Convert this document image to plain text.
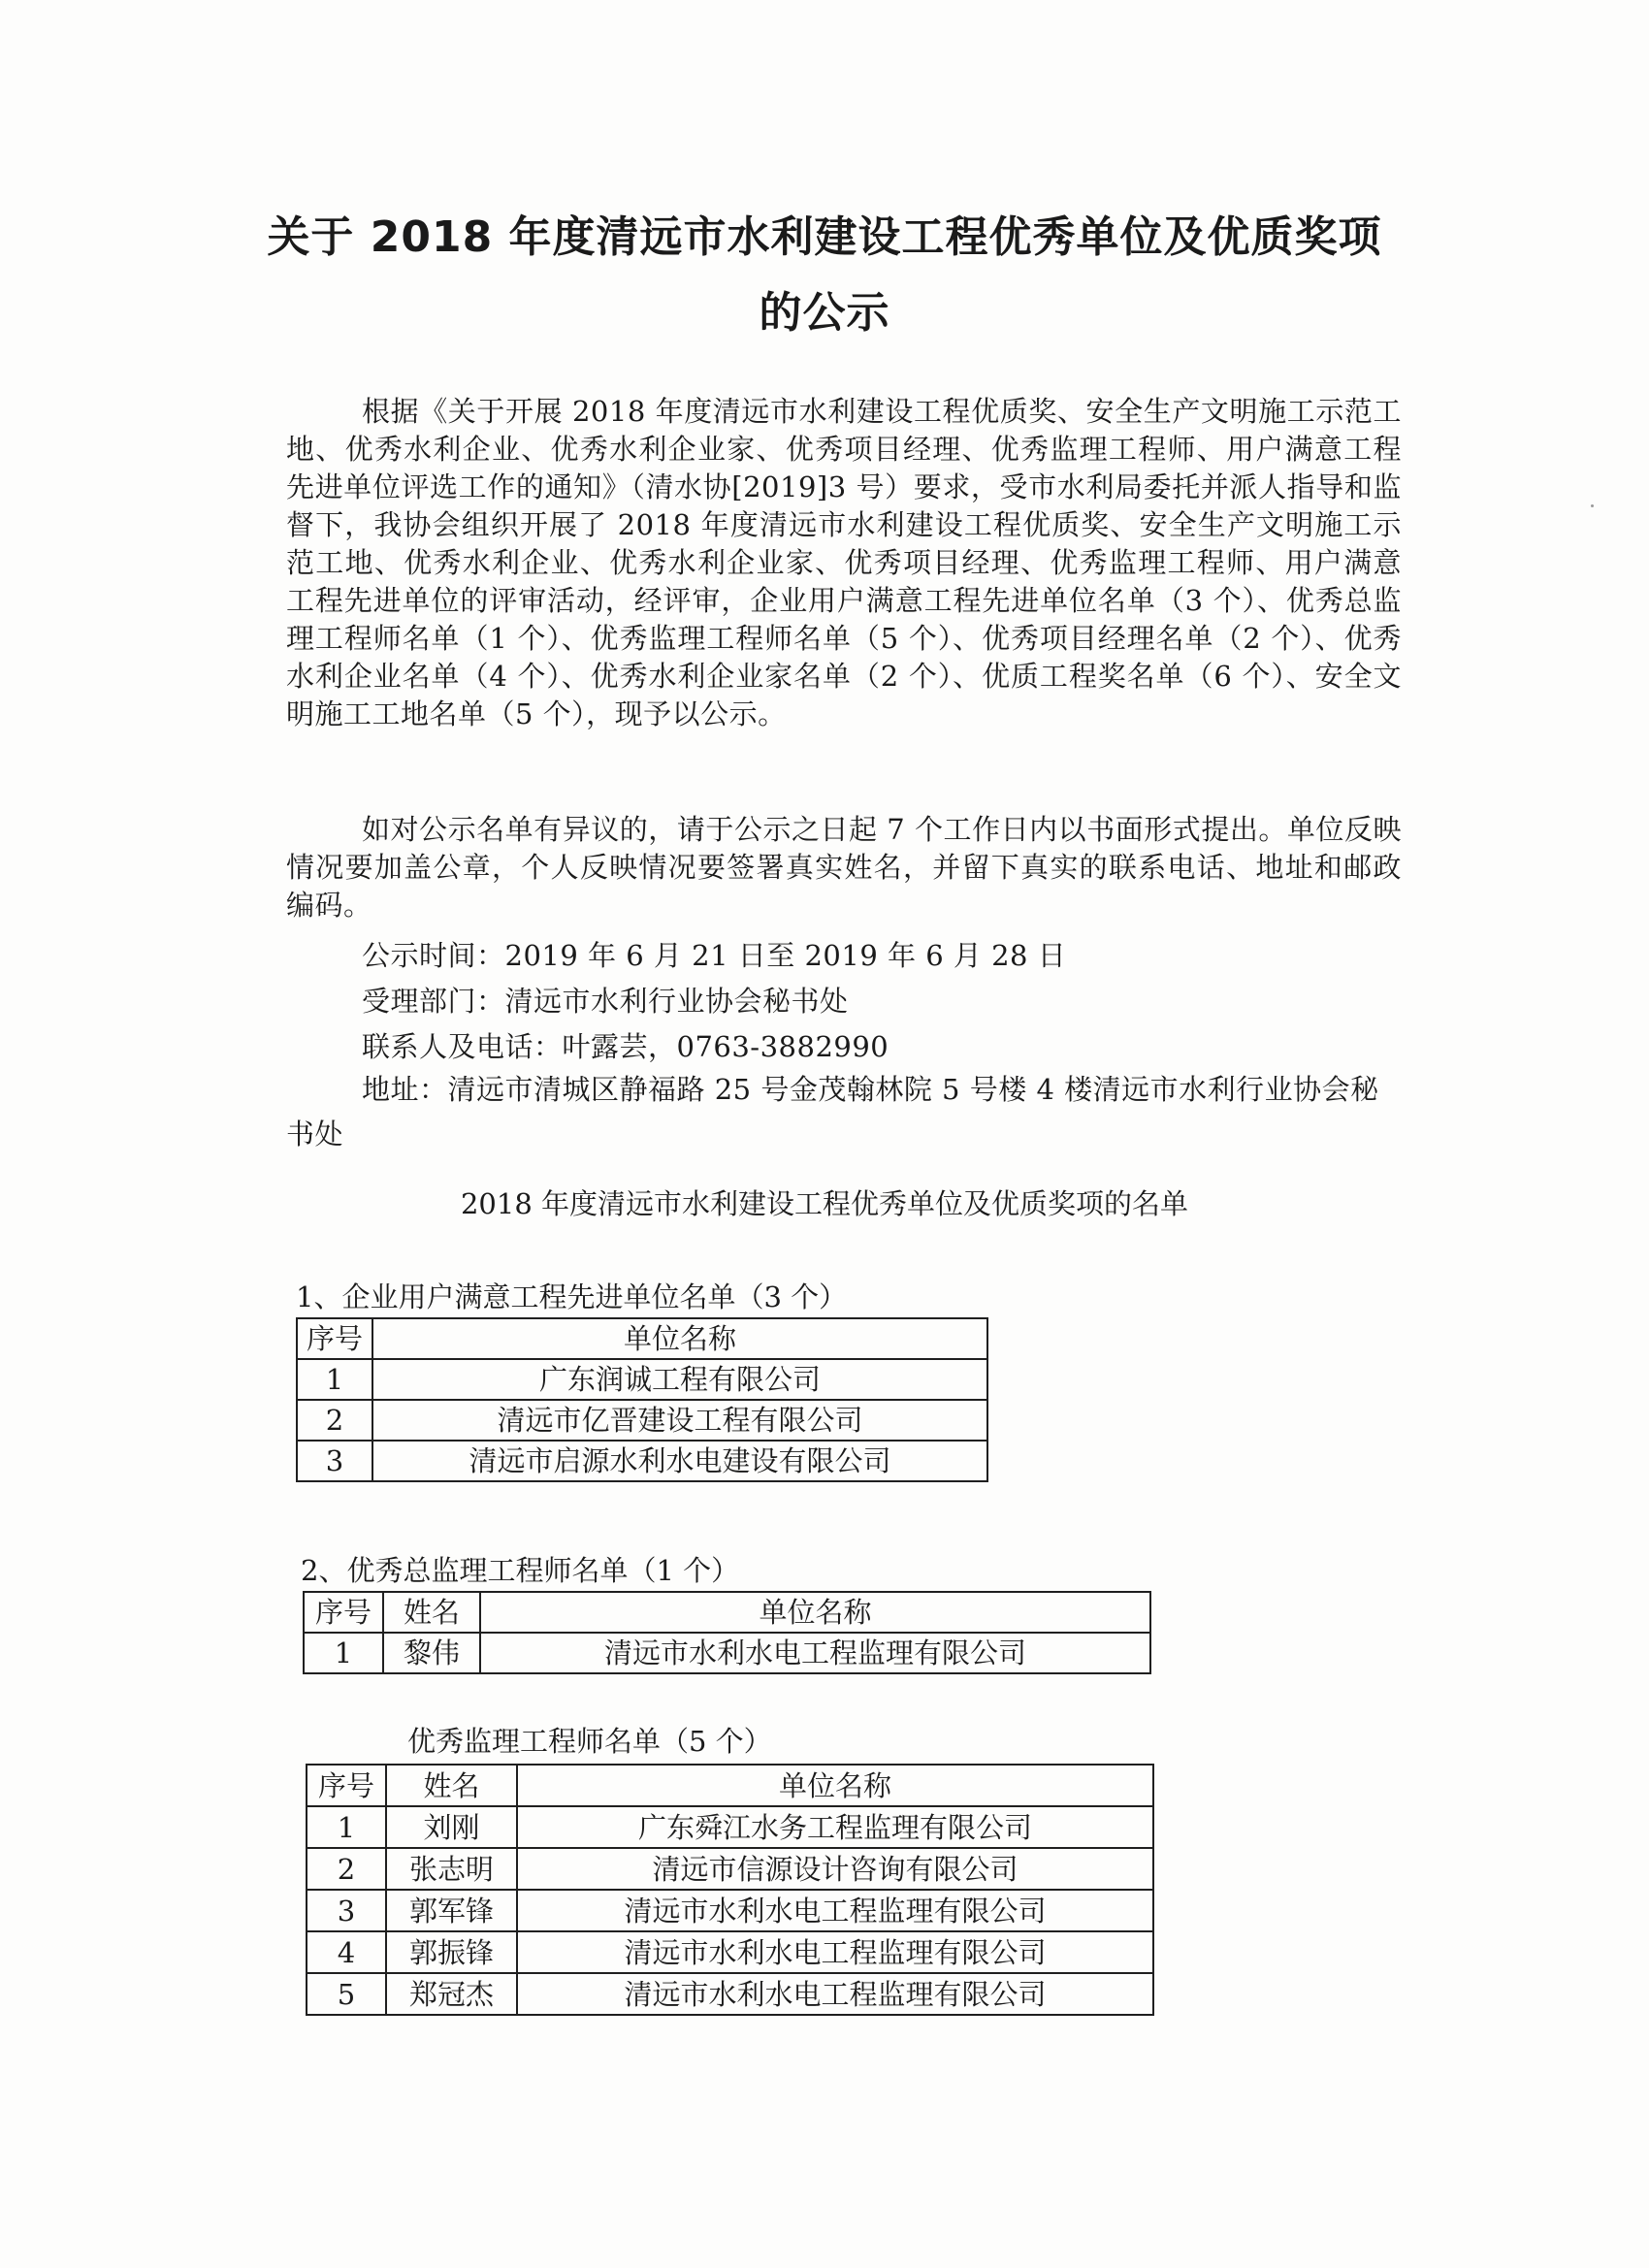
关于 2018 年度清远市水利建设工程优秀单位及优质奖项
的公示
根据《关于开展 2018 年度清远市水利建设工程优质奖、安全生产文明施工示范工地、优秀水利企业、优秀水利企业家、优秀项目经理、优秀监理工程师、用户满意工程先进单位评选工作的通知》（清水协[2019]3 号）要求，受市水利局委托并派人指导和监督下，我协会组织开展了 2018 年度清远市水利建设工程优质奖、安全生产文明施工示范工地、优秀水利企业、优秀水利企业家、优秀项目经理、优秀监理工程师、用户满意工程先进单位的评审活动，经评审，企业用户满意工程先进单位名单（3 个）、优秀总监理工程师名单（1 个）、优秀监理工程师名单（5 个）、优秀项目经理名单（2 个）、优秀水利企业名单（4 个）、优秀水利企业家名单（2 个）、优质工程奖名单（6 个）、安全文明施工工地名单（5 个），现予以公示。
如对公示名单有异议的，请于公示之日起 7 个工作日内以书面形式提出。单位反映情况要加盖公章，个人反映情况要签署真实姓名，并留下真实的联系电话、地址和邮政编码。
公示时间：2019 年 6 月 21 日至 2019 年 6 月 28 日
受理部门：清远市水利行业协会秘书处
联系人及电话：叶露芸，0763-3882990
地址：清远市清城区静福路 25 号金茂翰林院 5 号楼 4 楼清远市水利行业协会秘书处
2018 年度清远市水利建设工程优秀单位及优质奖项的名单
1、企业用户满意工程先进单位名单（3 个）
序号	单位名称
1	广东润诚工程有限公司
2	清远市亿晋建设工程有限公司
3	清远市启源水利水电建设有限公司
2、优秀总监理工程师名单（1 个）
序号	姓名	单位名称
1	黎伟	清远市水利水电工程监理有限公司
优秀监理工程师名单（5 个）
序号	姓名	单位名称
1	刘刚	广东舜江水务工程监理有限公司
2	张志明	清远市信源设计咨询有限公司
3	郭军锋	清远市水利水电工程监理有限公司
4	郭振锋	清远市水利水电工程监理有限公司
5	郑冠杰	清远市水利水电工程监理有限公司
